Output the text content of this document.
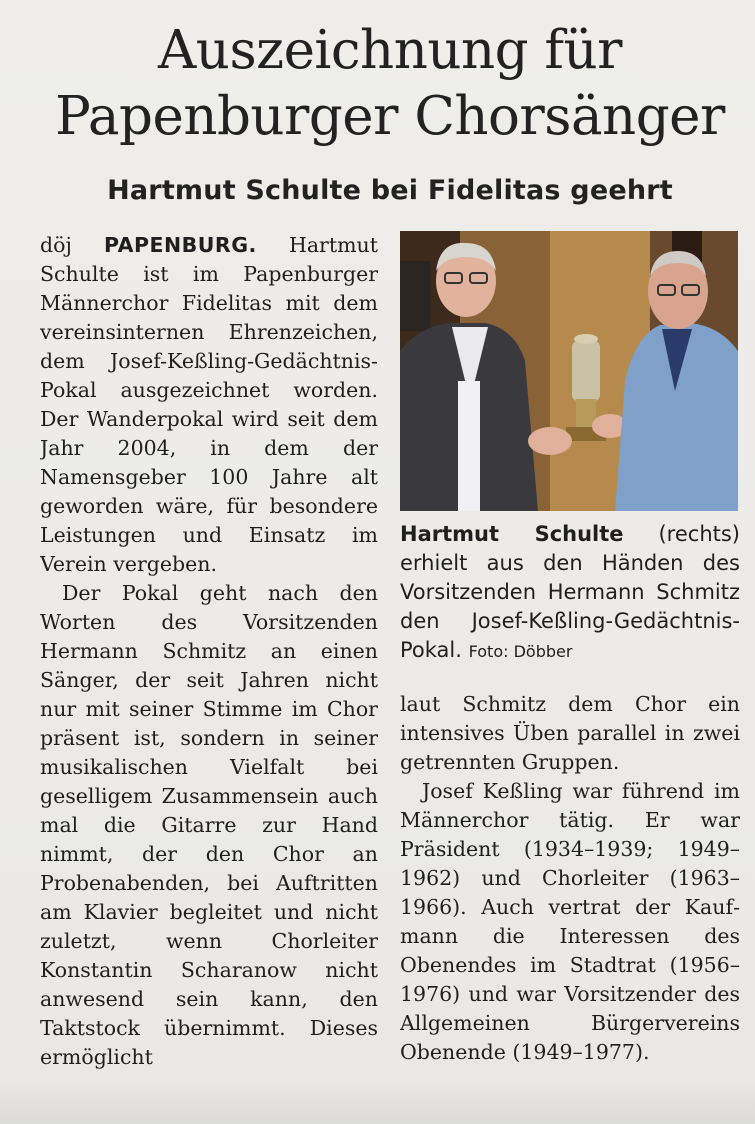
Auszeichnung für
Papenburger Chorsänger
Hartmut Schulte bei Fidelitas geehrt

döj PAPENBURG. Hartmut Schulte ist im Papenburger Männerchor Fidelitas mit dem vereinsinternen Ehrenzeichen, dem Josef-Keßling-Gedächtnis-Pokal ausgezeichnet worden. Der Wanderpokal wird seit dem Jahr 2004, in dem der Namensgeber 100 Jahre alt geworden wäre, für besondere Leistungen und Einsatz im Verein vergeben.

Der Pokal geht nach den Worten des Vorsitzenden Hermann Schmitz an einen Sänger, der seit Jahren nicht nur mit seiner Stimme im Chor präsent ist, sondern in seiner musikalischen Vielfalt bei geselligem Zusammensein auch mal die Gitarre zur Hand nimmt, der den Chor an Probenabenden, bei Auftritten am Klavier begleitet und nicht zuletzt, wenn Chorleiter Konstantin Scharanow nicht anwesend sein kann, den Taktstock übernimmt. Dieses ermöglicht

Hartmut Schulte (rechts) erhielt aus den Händen des Vorsitzenden Hermann Schmitz den Josef-Keßling-Gedächtnis-Pokal. Foto: Döbber

laut Schmitz dem Chor ein intensives Üben parallel in zwei getrennten Gruppen.

Josef Keßling war führend im Männerchor tätig. Er war Präsident (1934–1939; 1949–1962) und Chorleiter (1963–1966). Auch vertrat der Kaufmann die Interessen des Obenendes im Stadtrat (1956–1976) und war Vorsitzender des Allgemeinen Bürgervereins Obenende (1949–1977).
